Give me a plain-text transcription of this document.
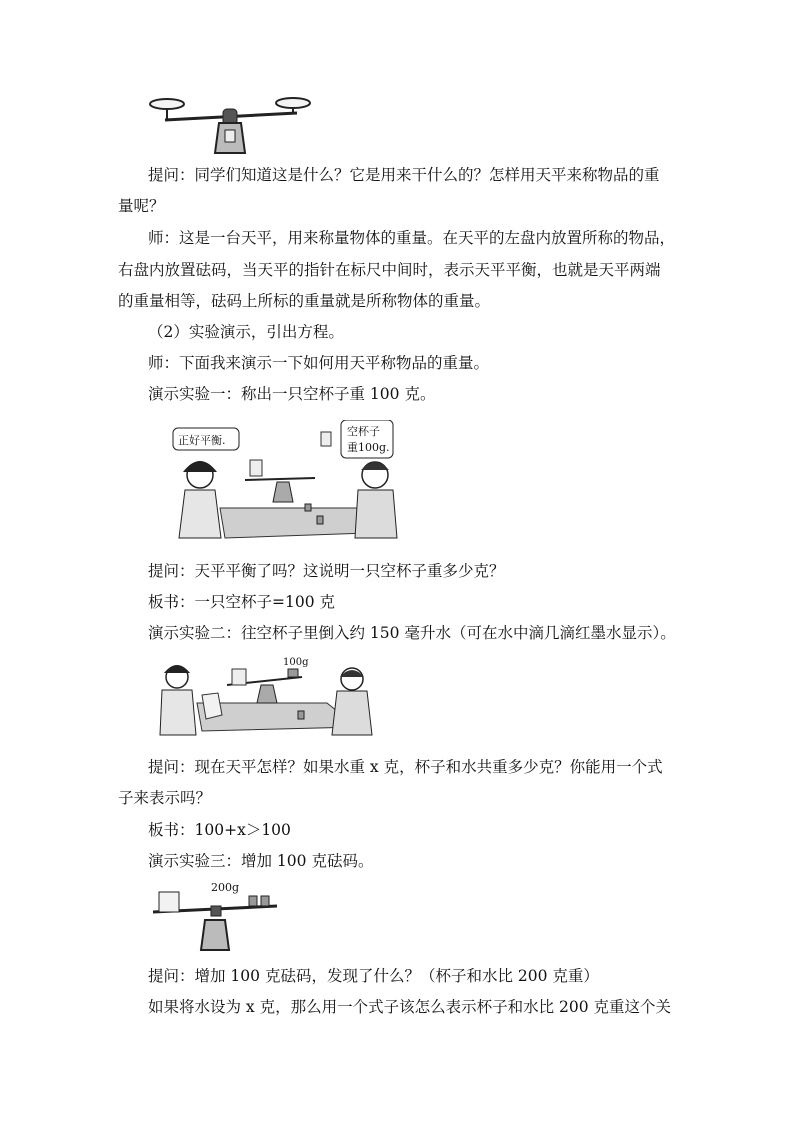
提问：同学们知道这是什么？它是用来干什么的？怎样用天平来称物品的重
量呢？
师：这是一台天平，用来称量物体的重量。在天平的左盘内放置所称的物品，
右盘内放置砝码，当天平的指针在标尺中间时，表示天平平衡，也就是天平两端
的重量相等，砝码上所标的重量就是所称物体的重量。
（2）实验演示，引出方程。
师：下面我来演示一下如何用天平称物品的重量。
演示实验一：称出一只空杯子重 100 克。
正好平衡.
空杯子
重100g.
提问：天平平衡了吗？这说明一只空杯子重多少克？
板书：一只空杯子=100 克
演示实验二：往空杯子里倒入约 150 毫升水（可在水中滴几滴红墨水显示）。
100g
提问：现在天平怎样？如果水重 x 克，杯子和水共重多少克？你能用一个式
子来表示吗？
板书：100+x＞100
演示实验三：增加 100 克砝码。
200g
提问：增加 100 克砝码，发现了什么？（杯子和水比 200 克重）
如果将水设为 x 克，那么用一个式子该怎么表示杯子和水比 200 克重这个关
